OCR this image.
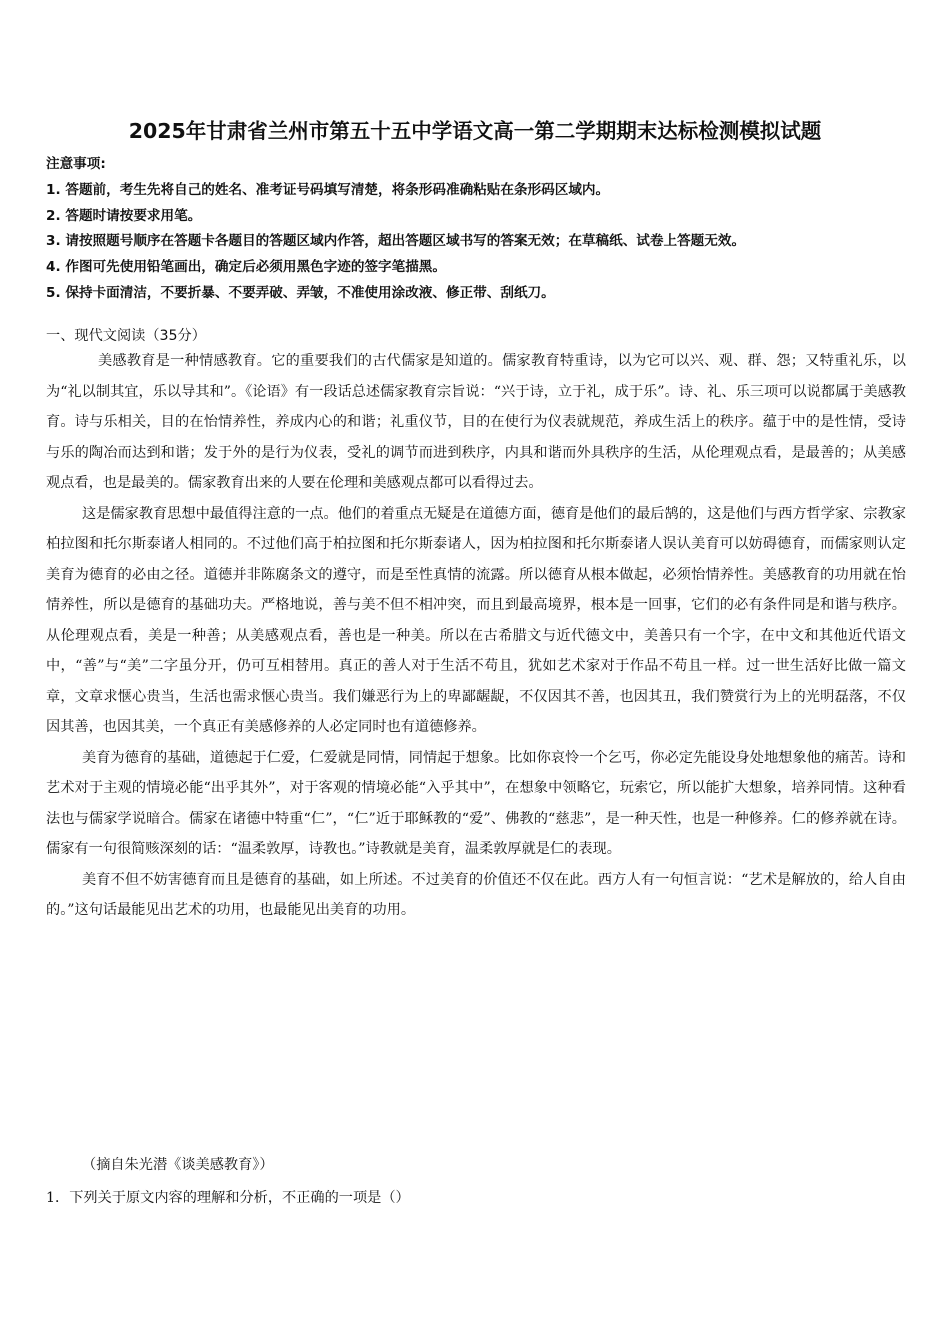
2025年甘肃省兰州市第五十五中学语文高一第二学期期末达标检测模拟试题
注意事项:
1. 答题前，考生先将自己的姓名、准考证号码填写清楚，将条形码准确粘贴在条形码区域内。
2. 答题时请按要求用笔。
3. 请按照题号顺序在答题卡各题目的答题区域内作答，超出答题区域书写的答案无效；在草稿纸、试卷上答题无效。
4. 作图可先使用铅笔画出，确定后必须用黑色字迹的签字笔描黑。
5. 保持卡面清洁，不要折暴、不要弄破、弄皱，不准使用涂改液、修正带、刮纸刀。
一、现代文阅读（35分）

美感教育是一种情感教育。它的重要我们的古代儒家是知道的。儒家教育特重诗，以为它可以兴、观、群、怨；又特重礼乐，以为“礼以制其宜，乐以导其和”。《论语》有一段话总述儒家教育宗旨说：“兴于诗，立于礼，成于乐”。诗、礼、乐三项可以说都属于美感教育。诗与乐相关，目的在怡情养性，养成内心的和谐；礼重仪节，目的在使行为仪表就规范，养成生活上的秩序。蕴于中的是性情，受诗与乐的陶冶而达到和谐；发于外的是行为仪表，受礼的调节而进到秩序，内具和谐而外具秩序的生活，从伦理观点看，是最善的；从美感观点看，也是最美的。儒家教育出来的人要在伦理和美感观点都可以看得过去。

这是儒家教育思想中最值得注意的一点。他们的着重点无疑是在道德方面，德育是他们的最后鹄的，这是他们与西方哲学家、宗教家柏拉图和托尔斯泰诸人相同的。不过他们高于柏拉图和托尔斯泰诸人，因为柏拉图和托尔斯泰诸人误认美育可以妨碍德育，而儒家则认定美育为德育的必由之径。道德并非陈腐条文的遵守，而是至性真情的流露。所以德育从根本做起，必须怡情养性。美感教育的功用就在怡情养性，所以是德育的基础功夫。严格地说，善与美不但不相冲突，而且到最高境界，根本是一回事，它们的必有条件同是和谐与秩序。从伦理观点看，美是一种善；从美感观点看，善也是一种美。所以在古希腊文与近代德文中，美善只有一个字，在中文和其他近代语文中，“善”与“美”二字虽分开，仍可互相替用。真正的善人对于生活不苟且，犹如艺术家对于作品不苟且一样。过一世生活好比做一篇文章，文章求惬心贵当，生活也需求惬心贵当。我们嫌恶行为上的卑鄙龌龊，不仅因其不善，也因其丑，我们赞赏行为上的光明磊落，不仅因其善，也因其美，一个真正有美感修养的人必定同时也有道德修养。

美育为德育的基础，道德起于仁爱，仁爱就是同情，同情起于想象。比如你哀怜一个乞丐，你必定先能设身处地想象他的痛苦。诗和艺术对于主观的情境必能“出乎其外”，对于客观的情境必能“入乎其中”，在想象中领略它，玩索它，所以能扩大想象，培养同情。这种看法也与儒家学说暗合。儒家在诸德中特重“仁”，“仁”近于耶稣教的“爱”、佛教的“慈悲”，是一种天性，也是一种修养。仁的修养就在诗。儒家有一句很简赅深刻的话：“温柔敦厚，诗教也。”诗教就是美育，温柔敦厚就是仁的表现。

美育不但不妨害德育而且是德育的基础，如上所述。不过美育的价值还不仅在此。西方人有一句恒言说：“艺术是解放的，给人自由的。”这句话最能见出艺术的功用，也最能见出美育的功用。

（摘自朱光潜《谈美感教育》）
1．下列关于原文内容的理解和分析，不正确的一项是（）
